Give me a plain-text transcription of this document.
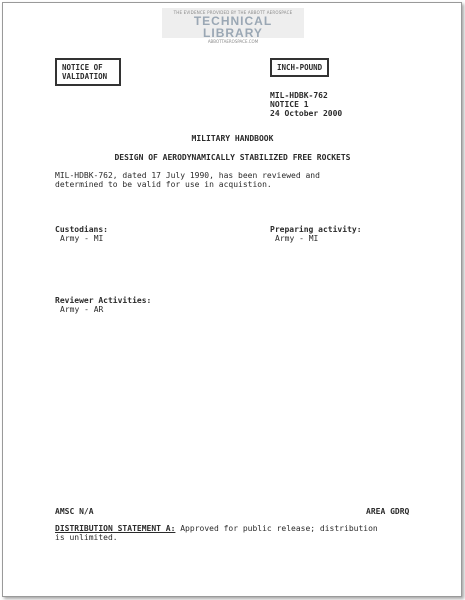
THE EVIDENCE PROVIDED BY THE ABBOTT AEROSPACE
TECHNICAL LIBRARY
ABBOTTAEROSPACE.COM
NOTICE OF
VALIDATION
INCH-POUND
MIL-HDBK-762
NOTICE 1
24 October 2000
MILITARY HANDBOOK
DESIGN OF AERODYNAMICALLY STABILIZED FREE ROCKETS
MIL-HDBK-762, dated 17 July 1990, has been reviewed and
determined to be valid for use in acquistion.
Custodians:
Army - MI
Preparing activity:
Army - MI
Reviewer Activities:
Army - AR
AMSC N/A	AREA GDRQ
DISTRIBUTION STATEMENT A: Approved for public release; distribution
is unlimited.
